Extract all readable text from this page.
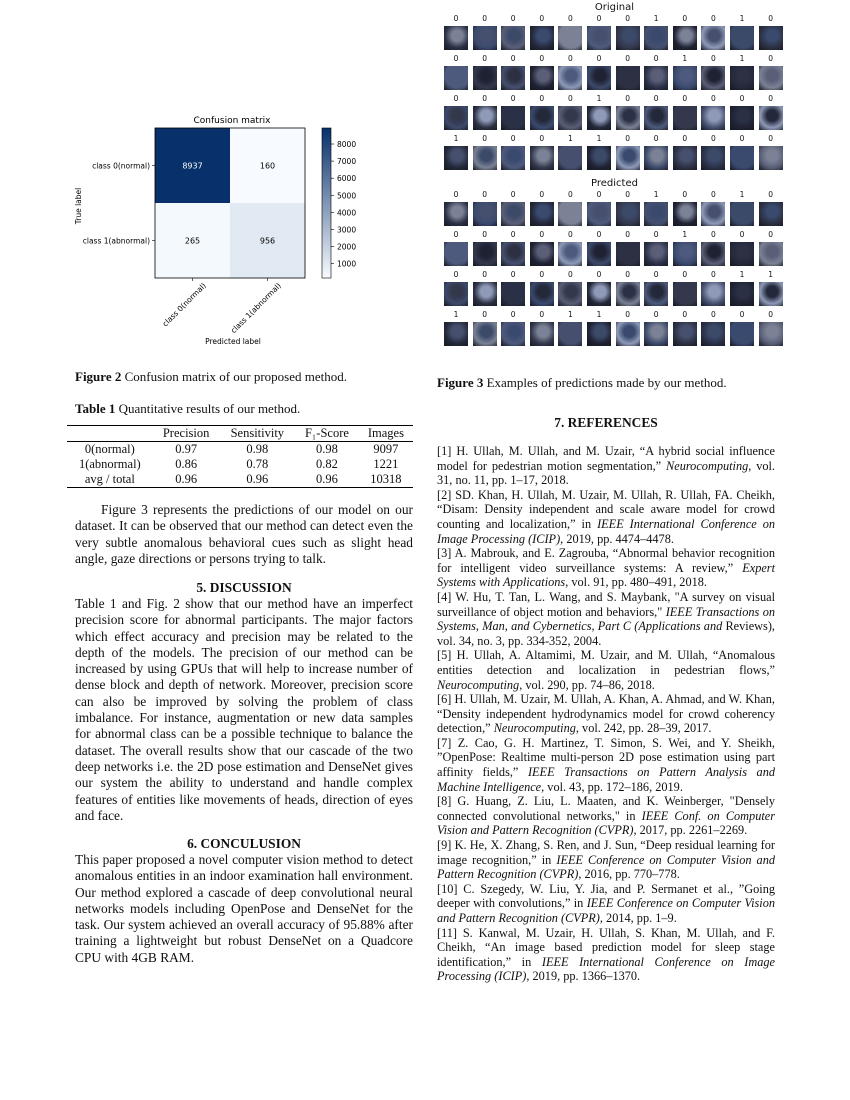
Confusion matrix
True label
Predicted label
8937	160
265	956
class 0(normal)
class 1(abnormal)
class 0(normal)	class 1(abnormal)
8000
7000
6000
5000
4000
3000
2000
1000
Figure 2 Confusion matrix of our proposed method.
Table 1 Quantitative results of our method.
	Precision	Sensitivity	F₁-Score	Images
0(normal)	0.97	0.98	0.98	9097
1(abnormal)	0.86	0.78	0.82	1221
avg / total	0.96	0.96	0.96	10318

Figure 3 represents the predictions of our model on our dataset. It can be observed that our method can detect even the very subtle anomalous behavioral cues such as slight head angle, gaze directions or persons trying to talk.

5. DISCUSSION

Table 1 and Fig. 2 show that our method have an imperfect precision score for abnormal participants. The major factors which effect accuracy and precision may be related to the depth of the models. The precision of our method can be increased by using GPUs that will help to increase number of dense block and depth of network. Moreover, precision score can also be improved by solving the problem of class imbalance. For instance, augmentation or new data samples for abnormal class can be a possible technique to balance the dataset. The overall results show that our cascade of the two deep networks i.e. the 2D pose estimation and DenseNet gives our system the ability to understand and handle complex features of entities like movements of heads, direction of eyes and face.

6. CONCULUSION

This paper proposed a novel computer vision method to detect anomalous entities in an indoor examination hall environment. Our method explored a cascade of deep convolutional neural networks models including OpenPose and DenseNet for the task. Our system achieved an overall accuracy of 95.88% after training a lightweight but robust DenseNet on a Quadcore CPU with 4GB RAM.

Original
0	0	0	0	0	0	0	1	0	0	1	0
0	0	0	0	0	0	0	0	1	0	1	0
0	0	0	0	0	1	0	0	0	0	0	0
1	0	0	0	1	1	0	0	0	0	0	0
Predicted
0	0	0	0	0	0	0	1	0	0	1	0
0	0	0	0	0	0	0	0	1	0	0	0
0	0	0	0	0	0	0	0	0	0	1	1
1	0	0	0	1	1	0	0	0	0	0	0
Figure 3 Examples of predictions made by our method.

7. REFERENCES

[1] H. Ullah, M. Ullah, and M. Uzair, “A hybrid social influence model for pedestrian motion segmentation,” Neurocomputing, vol. 31, no. 11, pp. 1–17, 2018.

[2] SD. Khan, H. Ullah, M. Uzair, M. Ullah, R. Ullah, FA. Cheikh, “Disam: Density independent and scale aware model for crowd counting and localization,” in IEEE International Conference on Image Processing (ICIP), 2019, pp. 4474–4478.

[3] A. Mabrouk, and E. Zagrouba, “Abnormal behavior recognition for intelligent video surveillance systems: A review,” Expert Systems with Applications, vol. 91, pp. 480–491, 2018.

[4] W. Hu, T. Tan, L. Wang, and S. Maybank, "A survey on visual surveillance of object motion and behaviors," IEEE Transactions on Systems, Man, and Cybernetics, Part C (Applications and Reviews), vol. 34, no. 3, pp. 334-352, 2004.

[5] H. Ullah, A. Altamimi, M. Uzair, and M. Ullah, “Anomalous entities detection and localization in pedestrian flows,” Neurocomputing, vol. 290, pp. 74–86, 2018.

[6] H. Ullah, M. Uzair, M. Ullah, A. Khan, A. Ahmad, and W. Khan, “Density independent hydrodynamics model for crowd coherency detection,” Neurocomputing, vol. 242, pp. 28–39, 2017.

[7] Z. Cao, G. H. Martinez, T. Simon, S. Wei, and Y. Sheikh, ”OpenPose: Realtime multi-person 2D pose estimation using part affinity fields,” IEEE Transactions on Pattern Analysis and Machine Intelligence, vol. 43, pp. 172–186, 2019.

[8] G. Huang, Z. Liu, L. Maaten, and K. Weinberger, "Densely connected convolutional networks," in IEEE Conf. on Computer Vision and Pattern Recognition (CVPR), 2017, pp. 2261–2269.

[9] K. He, X. Zhang, S. Ren, and J. Sun, “Deep residual learning for image recognition,” in IEEE Conference on Computer Vision and Pattern Recognition (CVPR), 2016, pp. 770–778.

[10] C. Szegedy, W. Liu, Y. Jia, and P. Sermanet et al., ”Going deeper with convolutions,” in IEEE Conference on Computer Vision and Pattern Recognition (CVPR), 2014, pp. 1–9.

[11] S. Kanwal, M. Uzair, H. Ullah, S. Khan, M. Ullah, and F. Cheikh, “An image based prediction model for sleep stage identification,” in IEEE International Conference on Image Processing (ICIP), 2019, pp. 1366–1370.
